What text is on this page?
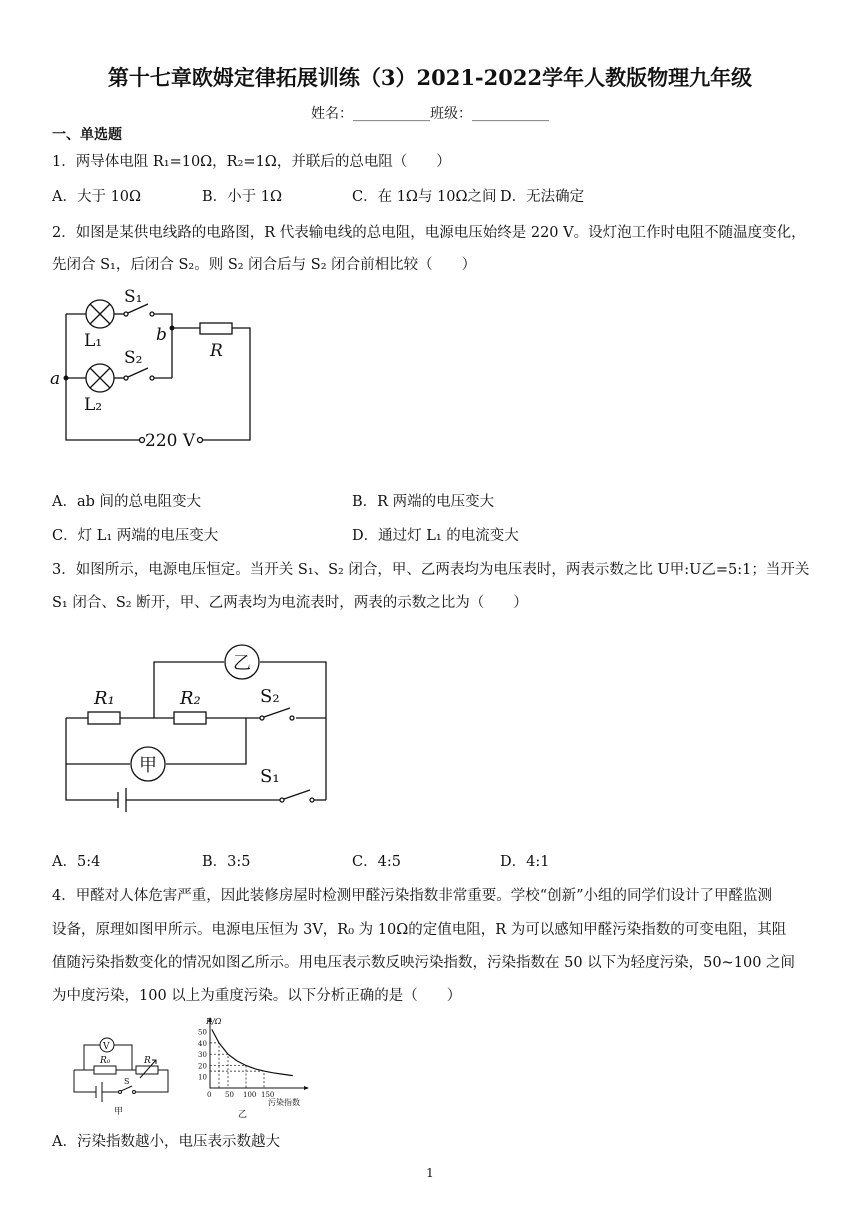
第十七章欧姆定律拓展训练（3）2021-2022学年人教版物理九年级
姓名：___________班级：___________
一、单选题
1．两导体电阻 R₁=10Ω，R₂=1Ω，并联后的总电阻（　　）
A．大于 10Ω	B．小于 1Ω	C．在 1Ω与 10Ω之间 D．无法确定
2．如图是某供电线路的电路图，R 代表输电线的总电阻，电源电压始终是 220 V。设灯泡工作时电阻不随温度变化，
先闭合 S₁，后闭合 S₂。则 S₂ 闭合后与 S₂ 闭合前相比较（　　）
S₁
S₂
L₁
L₂
a
b
R
220 V
A．ab 间的总电阻变大	B．R 两端的电压变大
C．灯 L₁ 两端的电压变大	D．通过灯 L₁ 的电流变大
3．如图所示，电源电压恒定。当开关 S₁、S₂ 闭合，甲、乙两表均为电压表时，两表示数之比 U甲:U乙=5:1；当开关
S₁ 闭合、S₂ 断开，甲、乙两表均为电流表时，两表的示数之比为（　　）
乙
R₁	R₂	S₂
甲
S₁
A．5:4	B．3:5	C．4:5	D．4:1
4．甲醛对人体危害严重，因此装修房屋时检测甲醛污染指数非常重要。学校“创新”小组的同学们设计了甲醛监测
设备，原理如图甲所示。电源电压恒为 3V，R₀ 为 10Ω的定值电阻，R 为可以感知甲醛污染指数的可变电阻，其阻
值随污染指数变化的情况如图乙所示。用电压表示数反映污染指数，污染指数在 50 以下为轻度污染，50~100 之间
为中度污染，100 以上为重度污染。以下分析正确的是（　　）
V
R₀	R
S
甲
10
20
30
40
50
0 50 100 150
R/Ω
污染指数
乙
A．污染指数越小，电压表示数越大
1
